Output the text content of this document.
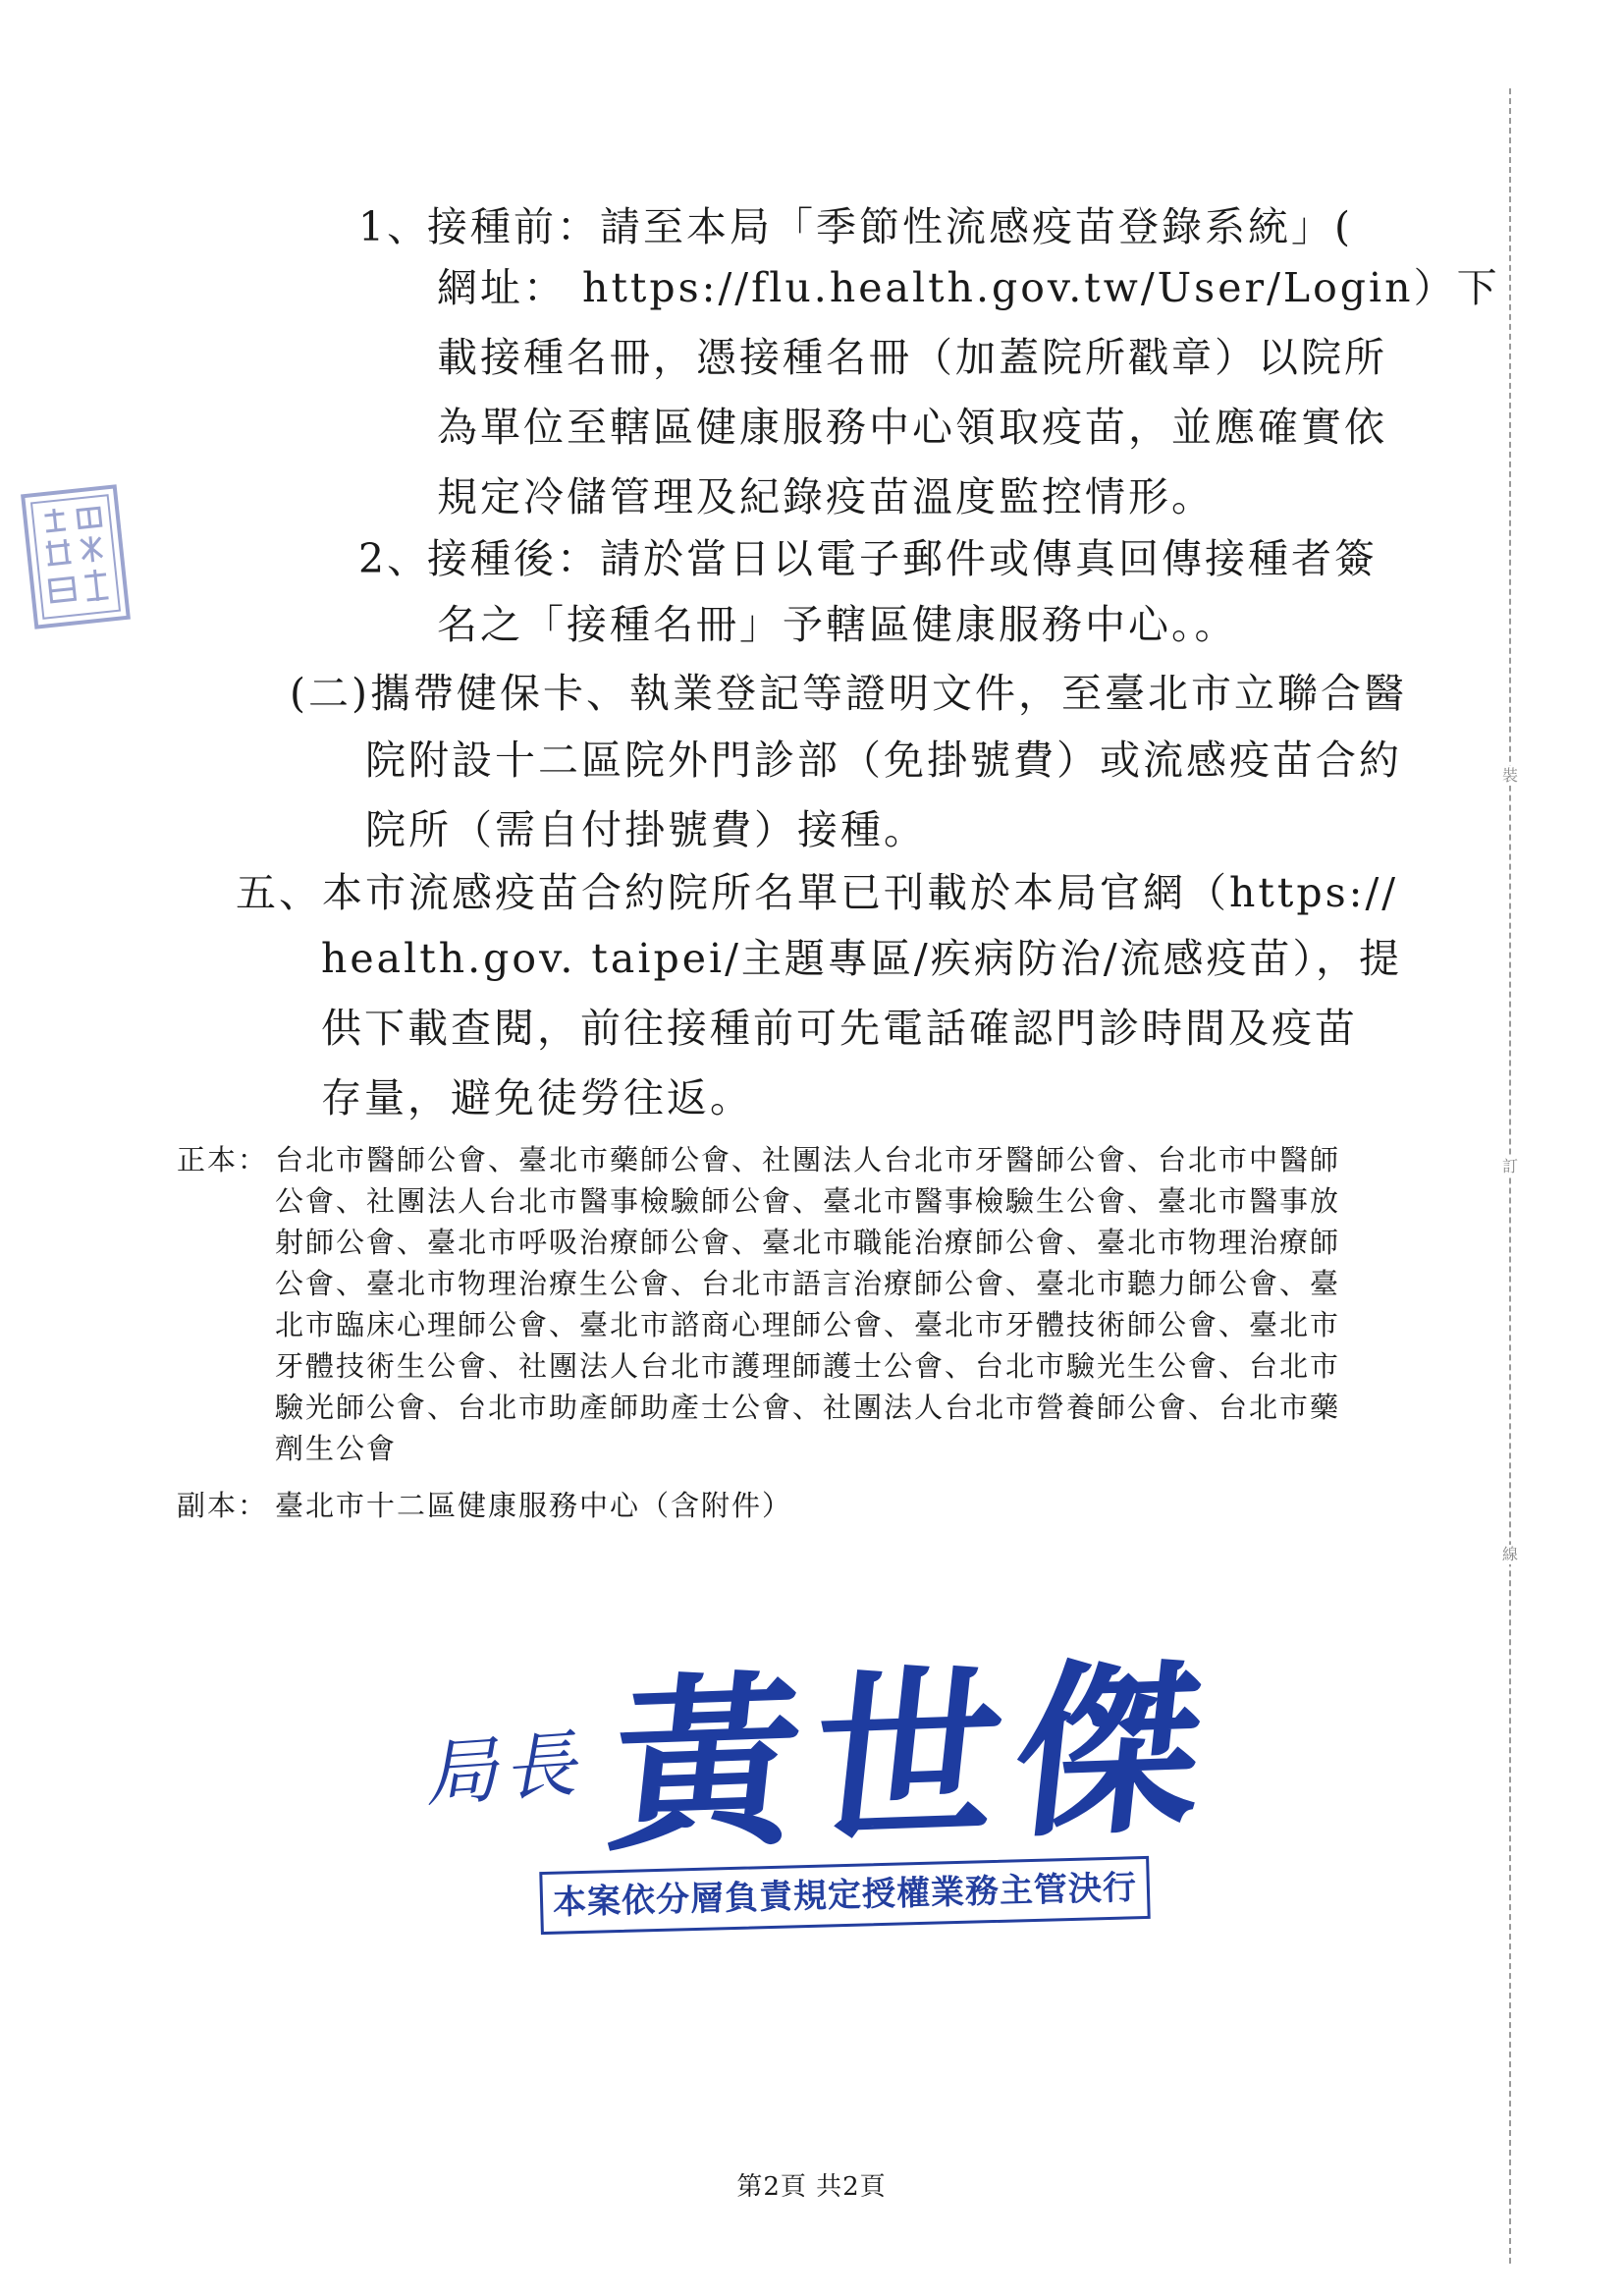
裝
訂
線
1、接種前：請至本局「季節性流感疫苗登錄系統」(
網址： https://flu.health.gov.tw/User/Login）下
載接種名冊，憑接種名冊（加蓋院所戳章）以院所
為單位至轄區健康服務中心領取疫苗，並應確實依
規定冷儲管理及紀錄疫苗溫度監控情形。
2、接種後：請於當日以電子郵件或傳真回傳接種者簽
名之「接種名冊」予轄區健康服務中心。。
(二)攜帶健保卡、執業登記等證明文件，至臺北市立聯合醫
院附設十二區院外門診部（免掛號費）或流感疫苗合約
院所（需自付掛號費）接種。
五、本市流感疫苗合約院所名單已刊載於本局官網（https://
health.gov. taipei/主題專區/疾病防治/流感疫苗），提
供下載查閱，前往接種前可先電話確認門診時間及疫苗
存量，避免徒勞往返。
正本： 台北市醫師公會、臺北市藥師公會、社團法人台北市牙醫師公會、台北市中醫師
公會、社團法人台北市醫事檢驗師公會、臺北市醫事檢驗生公會、臺北市醫事放
射師公會、臺北市呼吸治療師公會、臺北市職能治療師公會、臺北市物理治療師
公會、臺北市物理治療生公會、台北市語言治療師公會、臺北市聽力師公會、臺
北市臨床心理師公會、臺北市諮商心理師公會、臺北市牙體技術師公會、臺北市
牙體技術生公會、社團法人台北市護理師護士公會、台北市驗光生公會、台北市
驗光師公會、台北市助產師助產士公會、社團法人台北市營養師公會、台北市藥
劑生公會
副本： 臺北市十二區健康服務中心（含附件）
局長 黃世傑
本案依分層負責規定授權業務主管決行
第2頁 共2頁
